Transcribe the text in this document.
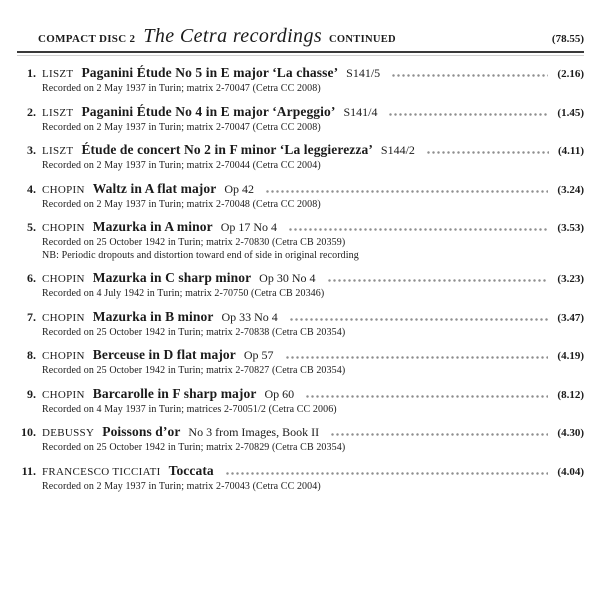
COMPACT DISC 2 The Cetra recordings CONTINUED	(78.55)
1. LISZT Paganini Étude No 5 in E major ‘La chasse’ S141/5	(2.16)
Recorded on 2 May 1937 in Turin; matrix 2-70047 (Cetra CC 2008)
2. LISZT Paganini Étude No 4 in E major ‘Arpeggio’ S141/4	(1.45)
Recorded on 2 May 1937 in Turin; matrix 2-70047 (Cetra CC 2008)
3. LISZT Étude de concert No 2 in F minor ‘La leggierezza’ S144/2	(4.11)
Recorded on 2 May 1937 in Turin; matrix 2-70044 (Cetra CC 2004)
4. CHOPIN Waltz in A flat major Op 42	(3.24)
Recorded on 2 May 1937 in Turin; matrix 2-70048 (Cetra CC 2008)
5. CHOPIN Mazurka in A minor Op 17 No 4	(3.53)
Recorded on 25 October 1942 in Turin; matrix 2-70830 (Cetra CB 20359)
NB: Periodic dropouts and distortion toward end of side in original recording
6. CHOPIN Mazurka in C sharp minor Op 30 No 4	(3.23)
Recorded on 4 July 1942 in Turin; matrix 2-70750 (Cetra CB 20346)
7. CHOPIN Mazurka in B minor Op 33 No 4	(3.47)
Recorded on 25 October 1942 in Turin; matrix 2-70838 (Cetra CB 20354)
8. CHOPIN Berceuse in D flat major Op 57	(4.19)
Recorded on 25 October 1942 in Turin; matrix 2-70827 (Cetra CB 20354)
9. CHOPIN Barcarolle in F sharp major Op 60	(8.12)
Recorded on 4 May 1937 in Turin; matrices 2-70051/2 (Cetra CC 2006)
10. DEBUSSY Poissons d’or No 3 from Images, Book II	(4.30)
Recorded on 25 October 1942 in Turin; matrix 2-70829 (Cetra CB 20354)
11. FRANCESCO TICCIATI Toccata	(4.04)
Recorded on 2 May 1937 in Turin; matrix 2-70043 (Cetra CC 2004)
